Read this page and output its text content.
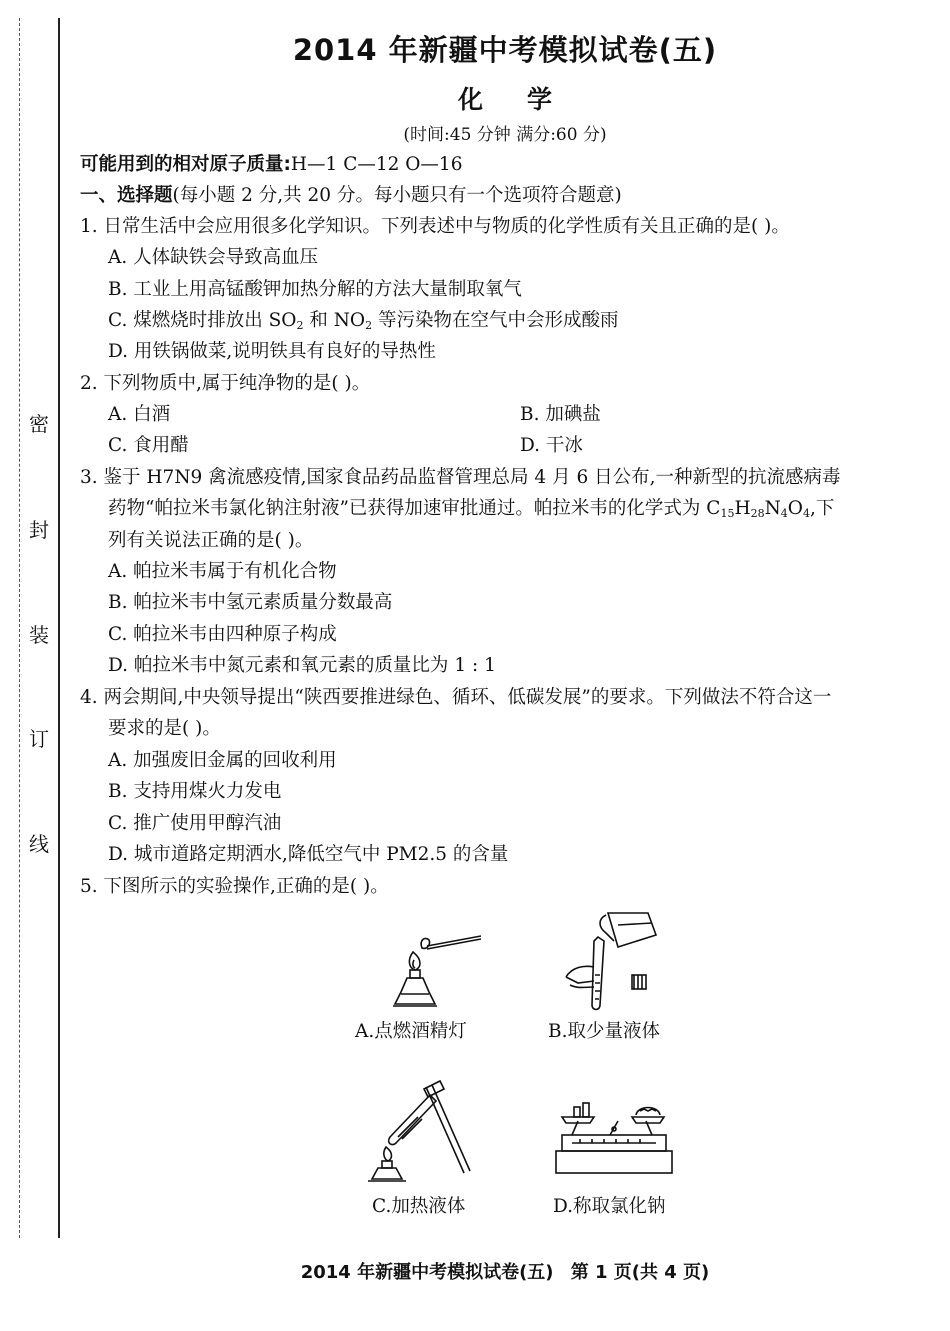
密
封
装
订
线
2014 年新疆中考模拟试卷(五)
化 学
(时间:45 分钟 满分:60 分)
可能用到的相对原子质量:H—1 C—12 O—16
一、选择题(每小题 2 分,共 20 分。每小题只有一个选项符合题意)
1. 日常生活中会应用很多化学知识。下列表述中与物质的化学性质有关且正确的是( )。
A. 人体缺铁会导致高血压
B. 工业上用高锰酸钾加热分解的方法大量制取氧气
C. 煤燃烧时排放出 $SO_2$ 和 $NO_2$ 等污染物在空气中会形成酸雨
D. 用铁锅做菜,说明铁具有良好的导热性
2. 下列物质中,属于纯净物的是( )。
A. 白酒	B. 加碘盐
C. 食用醋	D. 干冰
3. 鉴于 H7N9 禽流感疫情,国家食品药品监督管理总局 4 月 6 日公布,一种新型的抗流感病毒
药物“帕拉米韦氯化钠注射液”已获得加速审批通过。帕拉米韦的化学式为 $C_{15}H_{28}N_4O_4$,下
列有关说法正确的是( )。
A. 帕拉米韦属于有机化合物
B. 帕拉米韦中氢元素质量分数最高
C. 帕拉米韦由四种原子构成
D. 帕拉米韦中氮元素和氧元素的质量比为 1 : 1
4. 两会期间,中央领导提出“陕西要推进绿色、循环、低碳发展”的要求。下列做法不符合这一
要求的是( )。
A. 加强废旧金属的回收利用
B. 支持用煤火力发电
C. 推广使用甲醇汽油
D. 城市道路定期洒水,降低空气中 PM2.5 的含量
5. 下图所示的实验操作,正确的是( )。
A.点燃酒精灯	B.取少量液体
C.加热液体	D.称取氯化钠
2014 年新疆中考模拟试卷(五) 第 1 页(共 4 页)
